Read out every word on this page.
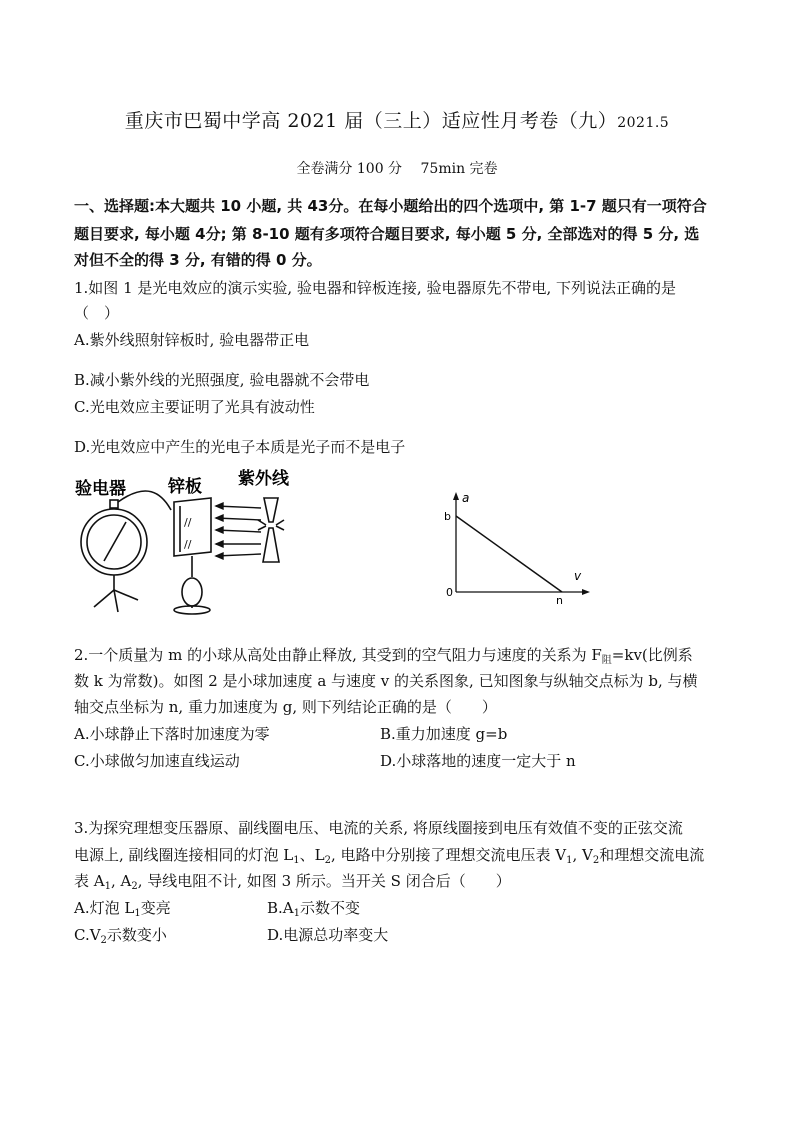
重庆市巴蜀中学高 2021 届（三上）适应性月考卷（九）2021.5
全卷满分 100 分　 75min 完卷
一、选择题:本大题共 10 小题, 共 43分。在每小题给出的四个选项中, 第 1-7 题只有一项符合
题目要求, 每小题 4分; 第 8-10 题有多项符合题目要求, 每小题 5 分, 全部选对的得 5 分, 选
对但不全的得 3 分, 有错的得 0 分。
1.如图 1 是光电效应的演示实验, 验电器和锌板连接, 验电器原先不带电, 下列说法正确的是
（　）
A.紫外线照射锌板时, 验电器带正电
B.减小紫外线的光照强度, 验电器就不会带电
C.光电效应主要证明了光具有波动性
D.光电效应中产生的光电子本质是光子而不是电子
验电器 锌板 紫外线
//
//
a
v
b
n
0
2.一个质量为 m 的小球从高处由静止释放, 其受到的空气阻力与速度的关系为 $F_阻=kv$(比例系
数 k 为常数)。如图 2 是小球加速度 a 与速度 v 的关系图象, 已知图象与纵轴交点标为 b, 与横
轴交点坐标为 n, 重力加速度为 g, 则下列结论正确的是（　　）
A.小球静止下落时加速度为零	B.重力加速度 g=b
C.小球做匀加速直线运动	D.小球落地的速度一定大于 n
3.为探究理想变压器原、副线圈电压、电流的关系, 将原线圈接到电压有效值不变的正弦交流
电源上, 副线圈连接相同的灯泡 $L_1$、$L_2$, 电路中分别接了理想交流电压表 $V_1$, $V_2$和理想交流电流
表 $A_1$, $A_2$, 导线电阻不计, 如图 3 所示。当开关 S 闭合后（　　）
A.灯泡 $L_1$变亮	$B.A_1$示数不变
$C.V_2$示数变小	D.电源总功率变大
